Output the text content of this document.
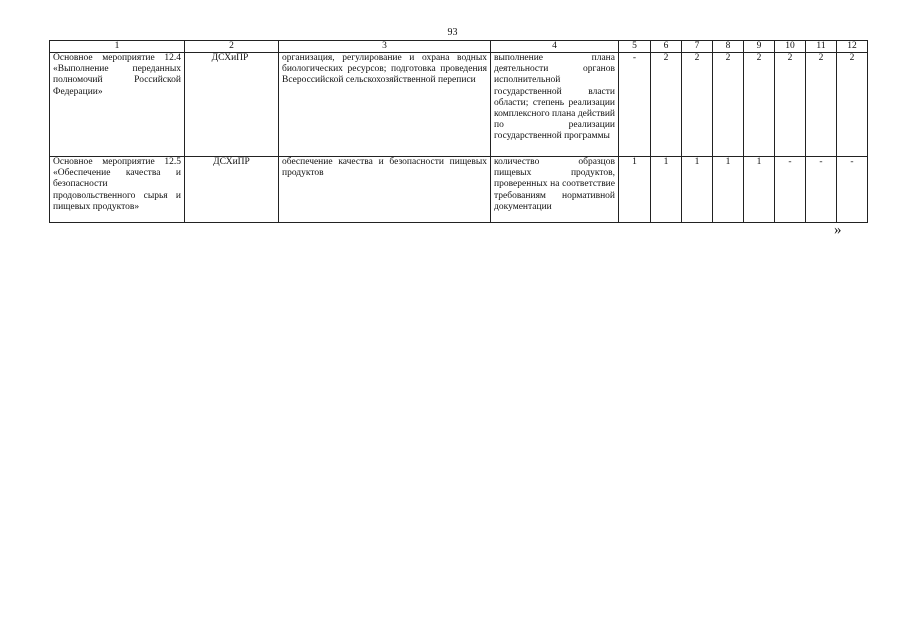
93
1	2	3	4	5	6	7	8	9	10	11	12
Основное мероприятие 12.4 «Выполнение переданных полномочий Российской Федерации»	ДСХиПР	организация, регулирование и охрана водных биологических ресурсов; подготовка проведения Всероссийской сельскохозяйственной переписи	выполнение плана деятельности органов исполнительной государственной власти области; степень реализации комплексного плана действий по реализации государственной программы	-	2	2	2	2	2	2	2
Основное мероприятие 12.5 «Обеспечение качества и безопасности продовольственного сырья и пищевых продуктов»	ДСХиПР	обеспечение качества и безопасности пищевых продуктов	количество образцов пищевых продуктов, проверенных на соответствие требованиям нормативной документации	1	1	1	1	1	-	-	-
»
